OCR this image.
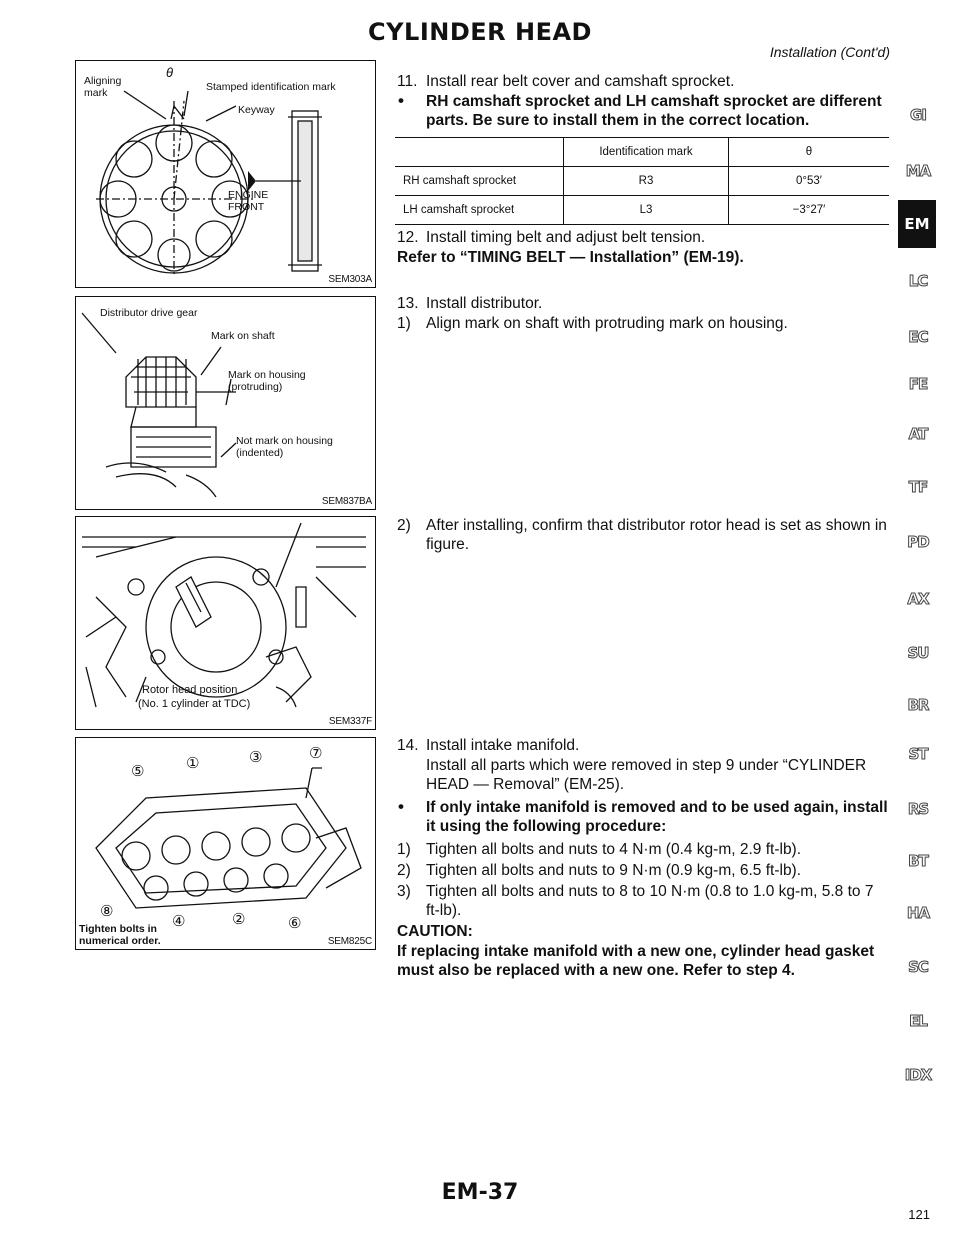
CYLINDER HEAD
Installation (Cont'd)
θ
Aligning
mark	Stamped identification mark
Keyway
ENGINE
FRONT
SEM303A
Distributor drive gear
Mark on shaft
Mark on housing
(protruding)
Not mark on housing
(indented)
SEM837BA
Rotor head position
(No. 1 cylinder at TDC)
SEM337F
⑤	①	③	⑦
⑧
④	②	⑥
Tighten bolts in
numerical order.	SEM825C
11. Install rear belt cover and camshaft sprocket.
• RH camshaft sprocket and LH camshaft sprocket are different parts. Be sure to install them in the correct location.
	Identification mark	θ
RH camshaft sprocket	R3	0°53′
LH camshaft sprocket	L3	−3°27′
12. Install timing belt and adjust belt tension.
Refer to “TIMING BELT — Installation” (EM-19).
13. Install distributor.
1) Align mark on shaft with protruding mark on housing.
2) After installing, confirm that distributor rotor head is set as shown in figure.
14. Install intake manifold.
Install all parts which were removed in step 9 under “CYLINDER HEAD — Removal” (EM-25).
• If only intake manifold is removed and to be used again, install it using the following procedure:
1) Tighten all bolts and nuts to 4 N·m (0.4 kg-m, 2.9 ft-lb).
2) Tighten all bolts and nuts to 9 N·m (0.9 kg-m, 6.5 ft-lb).
3) Tighten all bolts and nuts to 8 to 10 N·m (0.8 to 1.0 kg-m, 5.8 to 7 ft-lb).
CAUTION:
If replacing intake manifold with a new one, cylinder head gasket must also be replaced with a new one. Refer to step 4.
GI
MA
EM
LC
EC
FE
AT
TF
PD
AX
SU
BR
ST
RS
BT
HA
SC
EL
IDX
EM-37
121
